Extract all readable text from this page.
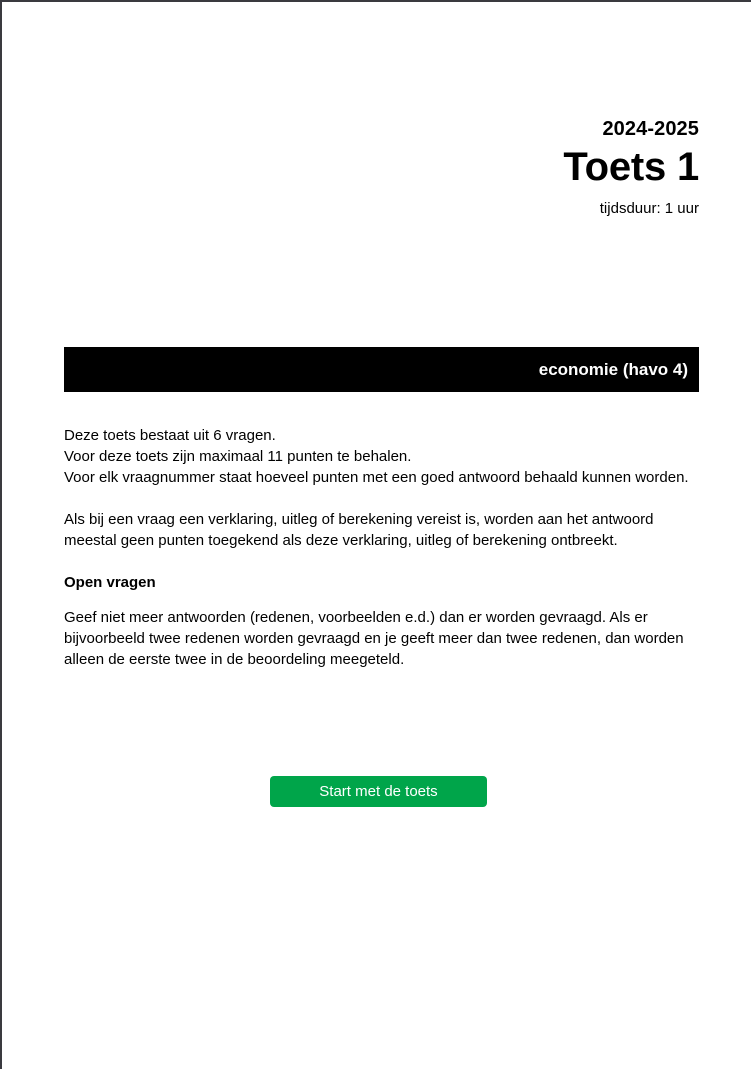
2024-2025
Toets 1
tijdsduur: 1 uur
economie (havo 4)

Deze toets bestaat uit 6 vragen.

Voor deze toets zijn maximaal 11 punten te behalen.

Voor elk vraagnummer staat hoeveel punten met een goed antwoord behaald kunnen worden.

Als bij een vraag een verklaring, uitleg of berekening vereist is, worden aan het antwoord meestal geen punten toegekend als deze verklaring, uitleg of berekening ontbreekt.

Open vragen

Geef niet meer antwoorden (redenen, voorbeelden e.d.) dan er worden gevraagd. Als er bijvoorbeeld twee redenen worden gevraagd en je geeft meer dan twee redenen, dan worden alleen de eerste twee in de beoordeling meegeteld.

Start met de toets
